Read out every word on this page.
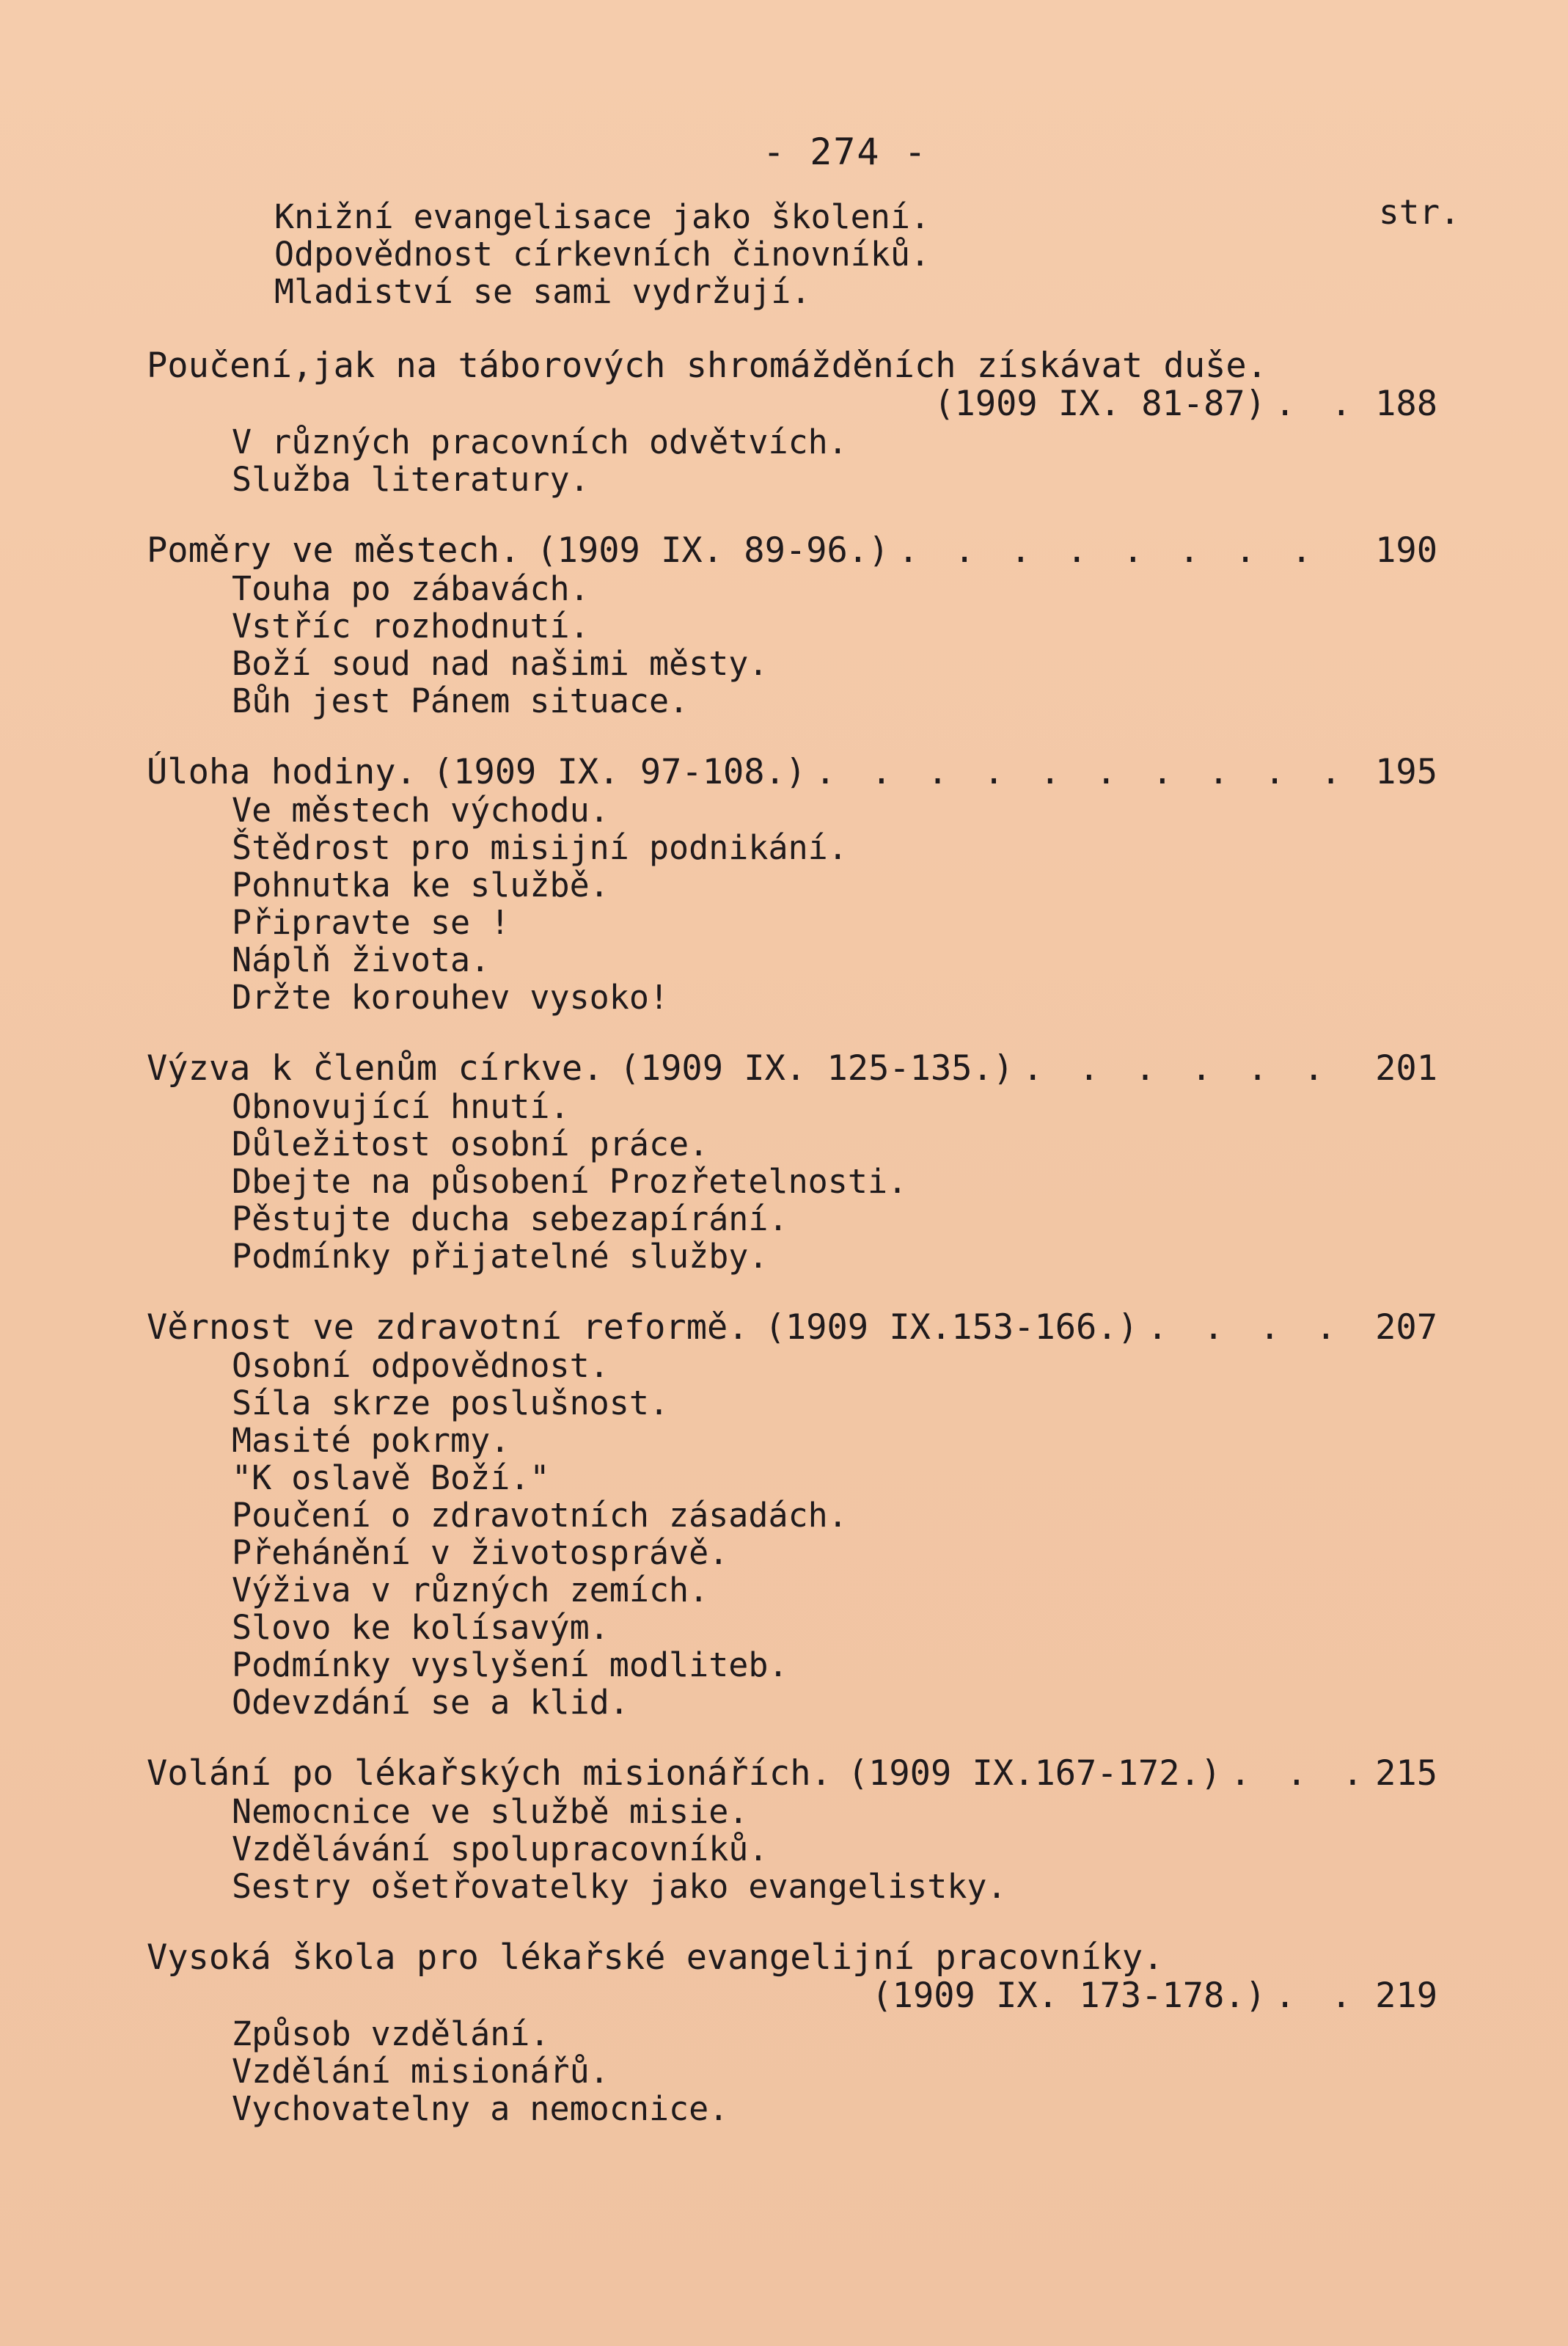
- 274 -
str.
Knižní evangelisace jako školení.
Odpovědnost církevních činovníků.
Mladiství se sami vydržují.
Poučení,jak na táborových shromážděních získávat duše.
(1909 IX. 81-87) . . .	188
V různých pracovních odvětvích.
Služba literatury.
Poměry ve městech. (1909 IX. 89-96.) . . .	190
Touha po zábavách.
Vstříc rozhodnutí.
Boží soud nad našimi městy.
Bůh jest Pánem situace.
Úloha hodiny. (1909 IX. 97-108.) . . .	195
Ve městech východu.
Štědrost pro misijní podnikání.
Pohnutka ke službě.
Připravte se !
Náplň života.
Držte korouhev vysoko!
Výzva k členům církve. (1909 IX. 125-135.) . . .	201
Obnovující hnutí.
Důležitost osobní práce.
Dbejte na působení Prozřetelnosti.
Pěstujte ducha sebezapírání.
Podmínky přijatelné služby.
Věrnost ve zdravotní reformě. (1909 IX.153-166.) . . .	207
Osobní odpovědnost.
Síla skrze poslušnost.
Masité pokrmy.
"K oslavě Boží."
Poučení o zdravotních zásadách.
Přehánění v životosprávě.
Výživa v různých zemích.
Slovo ke kolísavým.
Podmínky vyslyšení modliteb.
Odevzdání se a klid.
Volání po lékařských misionářích. (1909 IX.167-172.) . . .	215
Nemocnice ve službě misie.
Vzdělávání spolupracovníků.
Sestry ošetřovatelky jako evangelistky.
Vysoká škola pro lékařské evangelijní pracovníky.
(1909 IX. 173-178.) . . .	219
Způsob vzdělání.
Vzdělání misionářů.
Vychovatelny a nemocnice.
